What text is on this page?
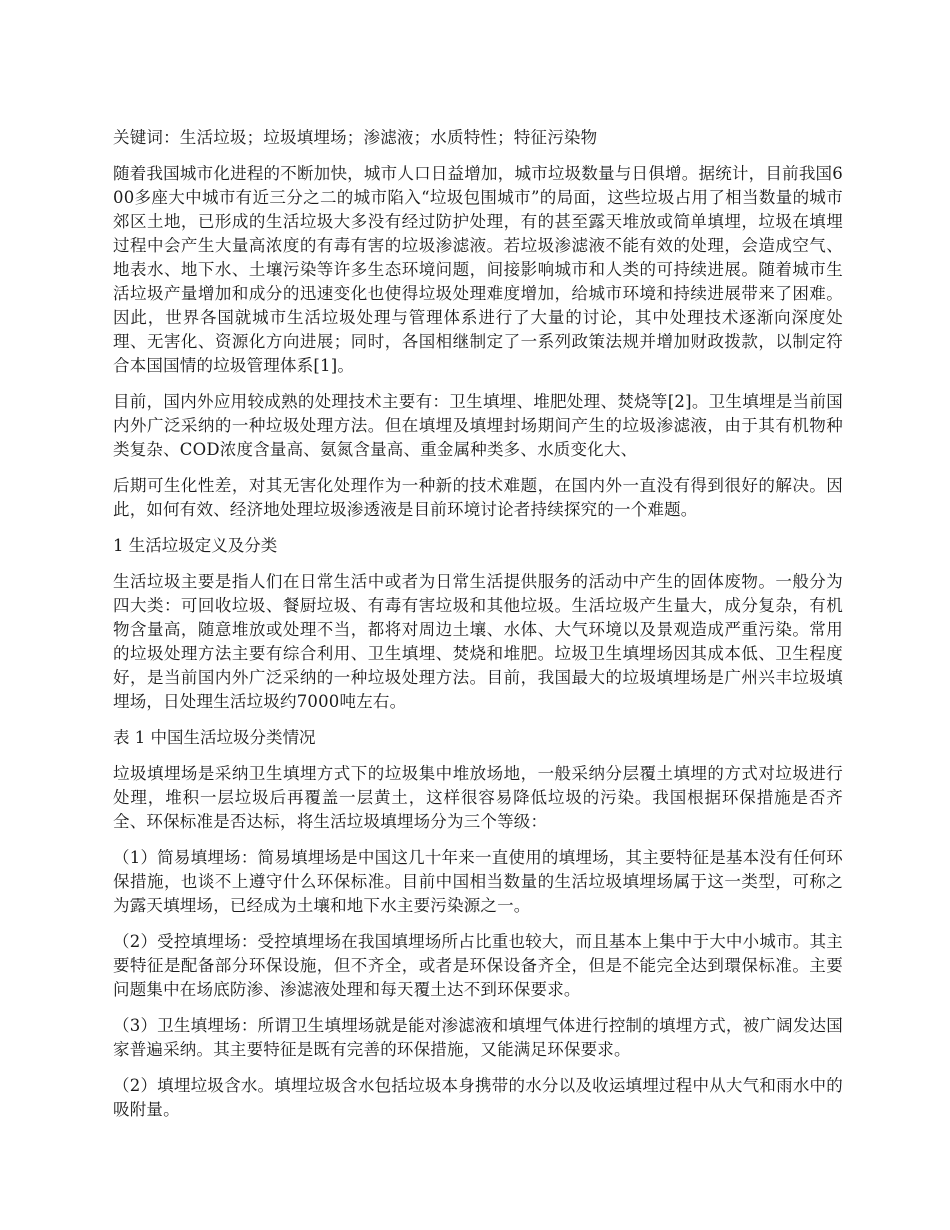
关键词：生活垃圾；垃圾填埋场；渗滤液；水质特性；特征污染物

随着我国城市化进程的不断加快，城市人口日益增加，城市垃圾数量与日俱增。据统计，目前我国600多座大中城市有近三分之二的城市陷入“垃圾包围城市”的局面，这些垃圾占用了相当数量的城市郊区土地，已形成的生活垃圾大多没有经过防护处理，有的甚至露天堆放或简单填埋，垃圾在填埋过程中会产生大量高浓度的有毒有害的垃圾渗滤液。若垃圾渗滤液不能有效的处理，会造成空气、地表水、地下水、土壤污染等许多生态环境问题，间接影响城市和人类的可持续进展。随着城市生活垃圾产量增加和成分的迅速变化也使得垃圾处理难度增加，给城市环境和持续进展带来了困难。因此，世界各国就城市生活垃圾处理与管理体系进行了大量的讨论，其中处理技术逐渐向深度处理、无害化、资源化方向进展；同时，各国相继制定了一系列政策法规并增加财政拨款，以制定符合本国国情的垃圾管理体系[1]。

目前，国内外应用较成熟的处理技术主要有：卫生填埋、堆肥处理、焚烧等[2]。卫生填埋是当前国内外广泛采纳的一种垃圾处理方法。但在填埋及填埋封场期间产生的垃圾渗滤液，由于其有机物种类复杂、COD浓度含量高、氨氮含量高、重金属种类多、水质变化大、

后期可生化性差，对其无害化处理作为一种新的技术难题，在国内外一直没有得到很好的解决。因此，如何有效、经济地处理垃圾渗透液是目前环境讨论者持续探究的一个难题。

1 生活垃圾定义及分类

生活垃圾主要是指人们在日常生活中或者为日常生活提供服务的活动中产生的固体废物。一般分为四大类：可回收垃圾、餐厨垃圾、有毒有害垃圾和其他垃圾。生活垃圾产生量大，成分复杂，有机物含量高，随意堆放或处理不当，都将对周边土壤、水体、大气环境以及景观造成严重污染。常用的垃圾处理方法主要有综合利用、卫生填埋、焚烧和堆肥。垃圾卫生填埋场因其成本低、卫生程度好，是当前国内外广泛采纳的一种垃圾处理方法。目前，我国最大的垃圾填埋场是广州兴丰垃圾填埋场，日处理生活垃圾约7000吨左右。

表 1 中国生活垃圾分类情况

垃圾填埋场是采纳卫生填埋方式下的垃圾集中堆放场地，一般采纳分层覆土填埋的方式对垃圾进行处理，堆积一层垃圾后再覆盖一层黄土，这样很容易降低垃圾的污染。我国根据环保措施是否齐全、环保标准是否达标，将生活垃圾填埋场分为三个等级：

（1）简易填埋场：简易填埋场是中国这几十年来一直使用的填埋场，其主要特征是基本没有任何环保措施，也谈不上遵守什么环保标准。目前中国相当数量的生活垃圾填埋场属于这一类型，可称之为露天填埋场，已经成为土壤和地下水主要污染源之一。

（2）受控填埋场：受控填埋场在我国填埋场所占比重也较大，而且基本上集中于大中小城市。其主要特征是配备部分环保设施，但不齐全，或者是环保设备齐全，但是不能完全达到環保标准。主要问题集中在场底防渗、渗滤液处理和每天覆土达不到环保要求。

（3）卫生填埋场：所谓卫生填埋场就是能对渗滤液和填埋气体进行控制的填埋方式，被广阔发达国家普遍采纳。其主要特征是既有完善的环保措施，又能满足环保要求。

（2）填埋垃圾含水。填埋垃圾含水包括垃圾本身携带的水分以及收运填埋过程中从大气和雨水中的吸附量。
